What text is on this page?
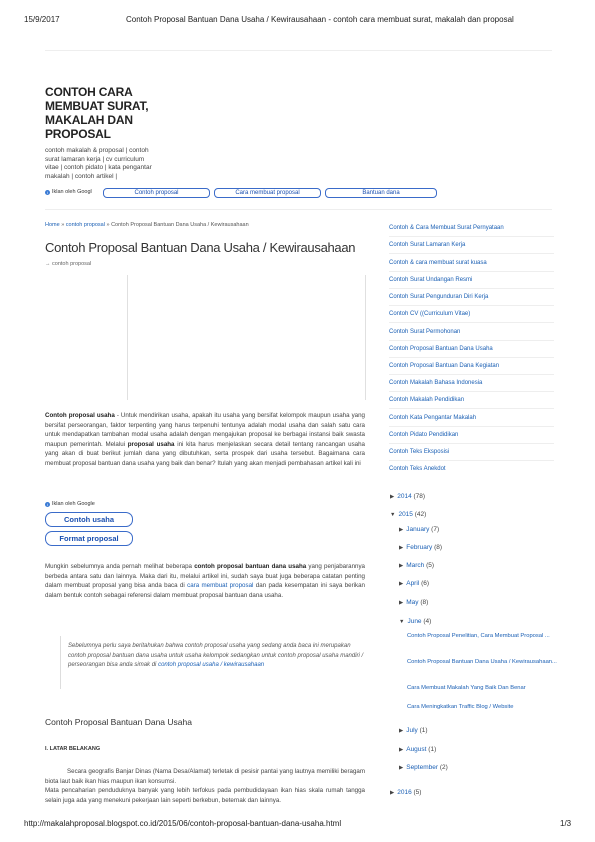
15/9/2017	Contoh Proposal Bantuan Dana Usaha / Kewirausahaan - contoh cara membuat surat, makalah dan proposal
CONTOH CARA MEMBUAT SURAT, MAKALAH DAN PROPOSAL
contoh makalah & proposal | contoh surat lamaran kerja | cv curriculum vitae | contoh pidato | kata pengantar makalah | contoh artikel |
i Iklan oleh Googl	Contoh proposal	Cara membuat proposal	Bantuan dana
Home » contoh proposal » Contoh Proposal Bantuan Dana Usaha / Kewirausahaan
Contoh Proposal Bantuan Dana Usaha / Kewirausahaan
→ contoh proposal
Contoh proposal usaha - Untuk mendirikan usaha, apakah itu usaha yang bersifat kelompok maupun usaha yang bersifat perseorangan, faktor terpenting yang harus terpenuhi tentunya adalah modal usaha dan salah satu cara untuk mendapatkan tambahan modal usaha adalah dengan mengajukan proposal ke berbagai instansi baik swasta maupun pemerintah. Melalui proposal usaha ini kita harus menjelaskan secara detail tentang rancangan usaha yang akan di buat berikut jumlah dana yang dibutuhkan, serta prospek dari usaha tersebut. Bagaimana cara membuat proposal bantuan dana usaha yang baik dan benar? Itulah yang akan menjadi pembahasan artikel kali ini
i Iklan oleh Google
Contoh usaha
Format proposal
Mungkin sebelumnya anda pernah melihat beberapa contoh proposal bantuan dana usaha yang penjabarannya berbeda antara satu dan lainnya. Maka dari itu, melalui artikel ini, sudah saya buat juga beberapa catatan penting dalam membuat proposal yang bisa anda baca di cara membuat proposal dan pada kesempatan ini saya berikan dalam bentuk contoh sebagai referensi dalam membuat proposal bantuan dana usaha.
Sebelumnya perlu saya beritahukan bahwa contoh proposal usaha yang sedang anda baca ini merupakan contoh proposal bantuan dana usaha untuk usaha kelompok sedangkan untuk contoh proposal usaha mandiri / perseorangan bisa anda simak di contoh proposal usaha / kewirausahaan
Contoh Proposal Bantuan Dana Usaha
I. LATAR BELAKANG
Secara geografis Banjar Dinas (Nama Desa/Alamat) terletak di pesisir pantai yang lautnya memiliki beragam biota laut baik ikan hias maupun ikan konsumsi.
Mata pencaharian penduduknya banyak yang lebih terfokus pada pembudidayaan ikan hias skala rumah tangga selain juga ada yang menekuni pekerjaan lain seperti berkebun, beternak dan lainnya.
Contoh & Cara Membuat Surat Pernyataan
Contoh Surat Lamaran Kerja
Contoh & cara membuat surat kuasa
Contoh Surat Undangan Resmi
Contoh Surat Pengunduran Diri Kerja
Contoh CV ((Curriculum Vitae)
Contoh Surat Permohonan
Contoh Proposal Bantuan Dana Usaha
Contoh Proposal Bantuan Dana Kegiatan
Contoh Makalah Bahasa Indonesia
Contoh Makalah Pendidikan
Contoh Kata Pengantar Makalah
Contoh Pidato Pendidikan
Contoh Teks Eksposisi
Contoh Teks Anekdot
▶ 2014 (78)
▼ 2015 (42)
▶ January (7)
▶ February (8)
▶ March (5)
▶ April (6)
▶ May (8)
▼ June (4)
Contoh Proposal Penelitian, Cara Membuat Proposal ...
Contoh Proposal Bantuan Dana Usaha / Kewirausahaan...
Cara Membuat Makalah Yang Baik Dan Benar
Cara Meningkatkan Traffic Blog / Website
▶ July (1)
▶ August (1)
▶ September (2)
▶ 2016 (5)
http://makalahproposal.blogspot.co.id/2015/06/contoh-proposal-bantuan-dana-usaha.html	1/3
